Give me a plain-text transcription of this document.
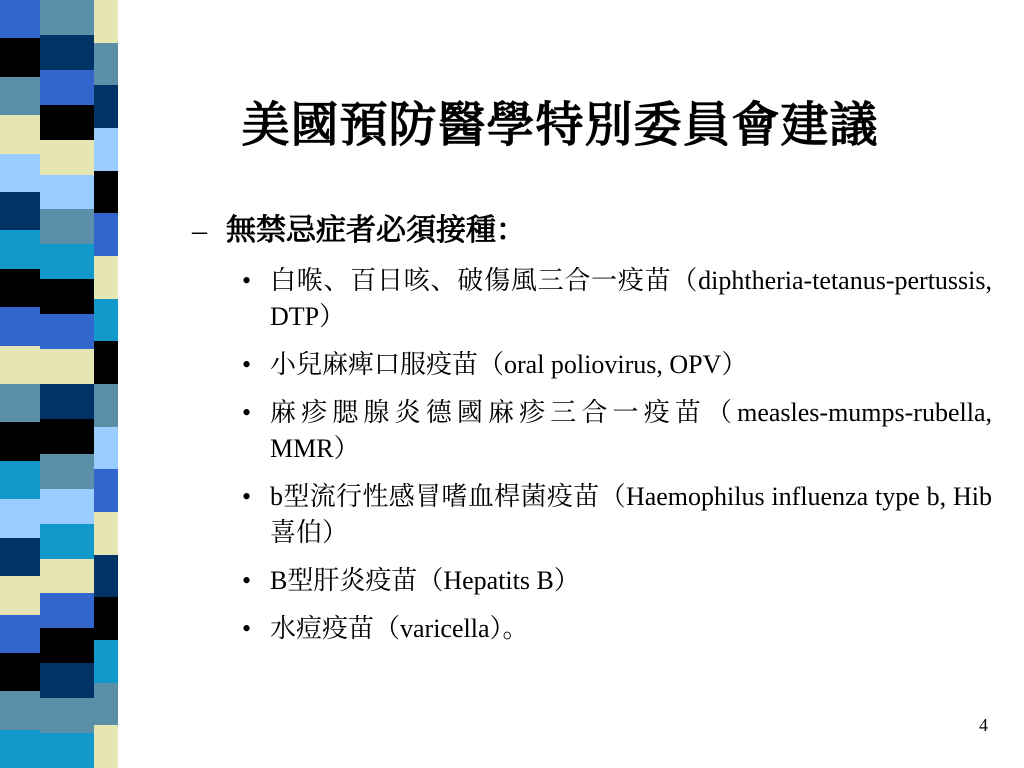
美國預防醫學特別委員會建議
– 無禁忌症者必須接種：
• 白喉、百日咳、破傷風三合一疫苗（diphtheria-tetanus-pertussis, DTP）
• 小兒麻痺口服疫苗（oral poliovirus, OPV）
• 麻疹腮腺炎德國麻疹三合一疫苗（measles-mumps-rubella, MMR）
• b型流行性感冒嗜血桿菌疫苗（Haemophilus influenza type b, Hib喜伯）
• B型肝炎疫苗（Hepatits B）
• 水痘疫苗（varicella）。
4
